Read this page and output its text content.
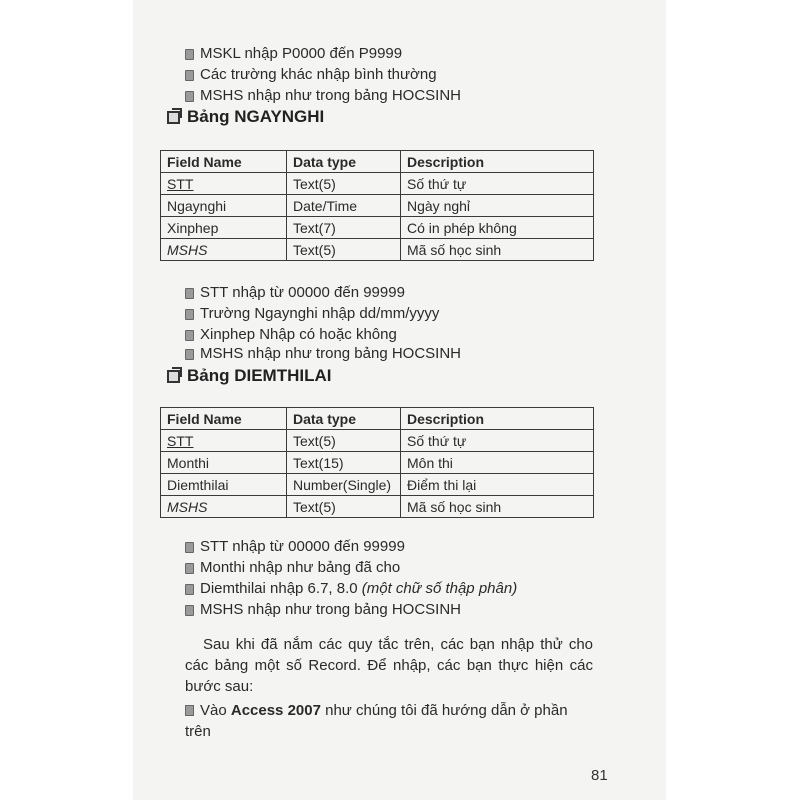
MSKL nhập P0000 đến P9999
Các trường khác nhập bình thường
MSHS nhập như trong bảng HOCSINH
Bảng NGAYNGHI
Field Name	Data type	Description
STT	Text(5)	Số thứ tự
Ngaynghi	Date/Time	Ngày nghỉ
Xinphep	Text(7)	Có in phép không
MSHS	Text(5)	Mã số học sinh
STT nhập từ 00000 đến 99999
Trường Ngaynghi nhập dd/mm/yyyy
Xinphep Nhập có hoặc không
MSHS nhập như trong bảng HOCSINH
Bảng DIEMTHILAI
Field Name	Data type	Description
STT	Text(5)	Số thứ tự
Monthi	Text(15)	Môn thi
Diemthilai	Number(Single)	Điểm thi lại
MSHS	Text(5)	Mã số học sinh
STT nhập từ 00000 đến 99999
Monthi nhập như bảng đã cho
Diemthilai nhập 6.7, 8.0 (một chữ số thập phân)
MSHS nhập như trong bảng HOCSINH
Sau khi đã nắm các quy tắc trên, các bạn nhập thử cho các bảng một số Record. Để nhập, các bạn thực hiện các bước sau:
Vào Access 2007 như chúng tôi đã hướng dẫn ở phần trên
81
